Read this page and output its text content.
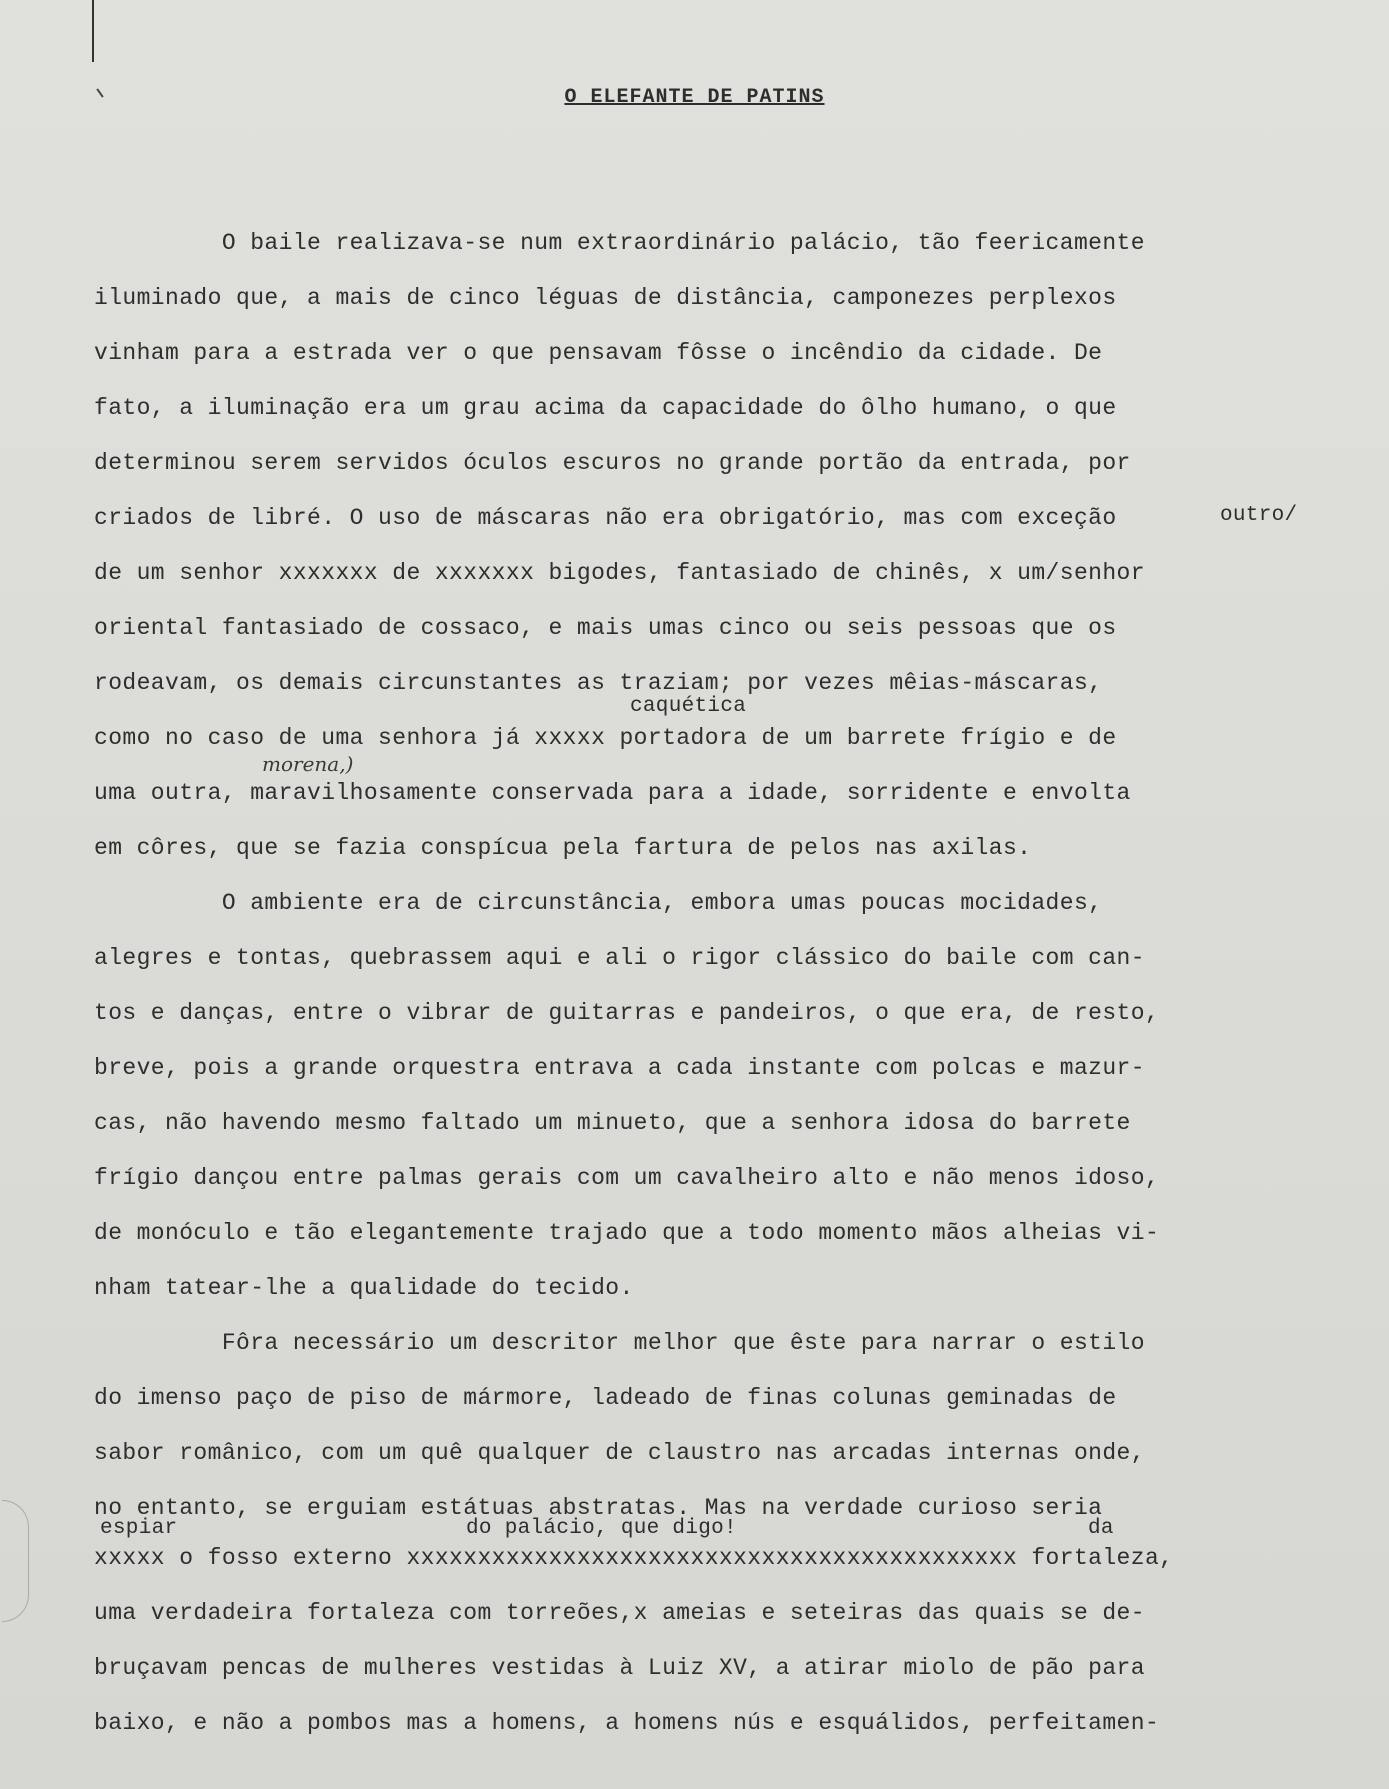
O ELEFANTE DE PATINS
outro/
caquética
espiar	do palácio, que digo!	da
morena,)
O baile realizava-se num extraordinário palácio, tão feericamente
iluminado que, a mais de cinco léguas de distância, camponezes perplexos
vinham para a estrada ver o que pensavam fôsse o incêndio da cidade. De
fato, a iluminação era um grau acima da capacidade do ôlho humano, o que
determinou serem servidos óculos escuros no grande portão da entrada, por
criados de libré. O uso de máscaras não era obrigatório, mas com exceção
de um senhor xxxxxxx de xxxxxxx bigodes, fantasiado de chinês, x um/senhor
oriental fantasiado de cossaco, e mais umas cinco ou seis pessoas que os
rodeavam, os demais circunstantes as traziam; por vezes mêias-máscaras,
como no caso de uma senhora já xxxxx portadora de um barrete frígio e de
uma outra, maravilhosamente conservada para a idade, sorridente e envolta
em côres, que se fazia conspícua pela fartura de pelos nas axilas.
O ambiente era de circunstância, embora umas poucas mocidades,
alegres e tontas, quebrassem aqui e ali o rigor clássico do baile com can-
tos e danças, entre o vibrar de guitarras e pandeiros, o que era, de resto,
breve, pois a grande orquestra entrava a cada instante com polcas e mazur-
cas, não havendo mesmo faltado um minueto, que a senhora idosa do barrete
frígio dançou entre palmas gerais com um cavalheiro alto e não menos idoso,
de monóculo e tão elegantemente trajado que a todo momento mãos alheias vi-
nham tatear-lhe a qualidade do tecido.
Fôra necessário um descritor melhor que êste para narrar o estilo
do imenso paço de piso de mármore, ladeado de finas colunas geminadas de
sabor românico, com um quê qualquer de claustro nas arcadas internas onde,
no entanto, se erguiam estátuas abstratas. Mas na verdade curioso seria
xxxxx o fosso externo xxxxxxxxxxxxxxxxxxxxxxxxxxxxxxxxxxxxxxxxxxx fortaleza,
uma verdadeira fortaleza com torreões,x ameias e seteiras das quais se de-
bruçavam pencas de mulheres vestidas à Luiz XV, a atirar miolo de pão para
baixo, e não a pombos mas a homens, a homens nús e esquálidos, perfeitamen-
